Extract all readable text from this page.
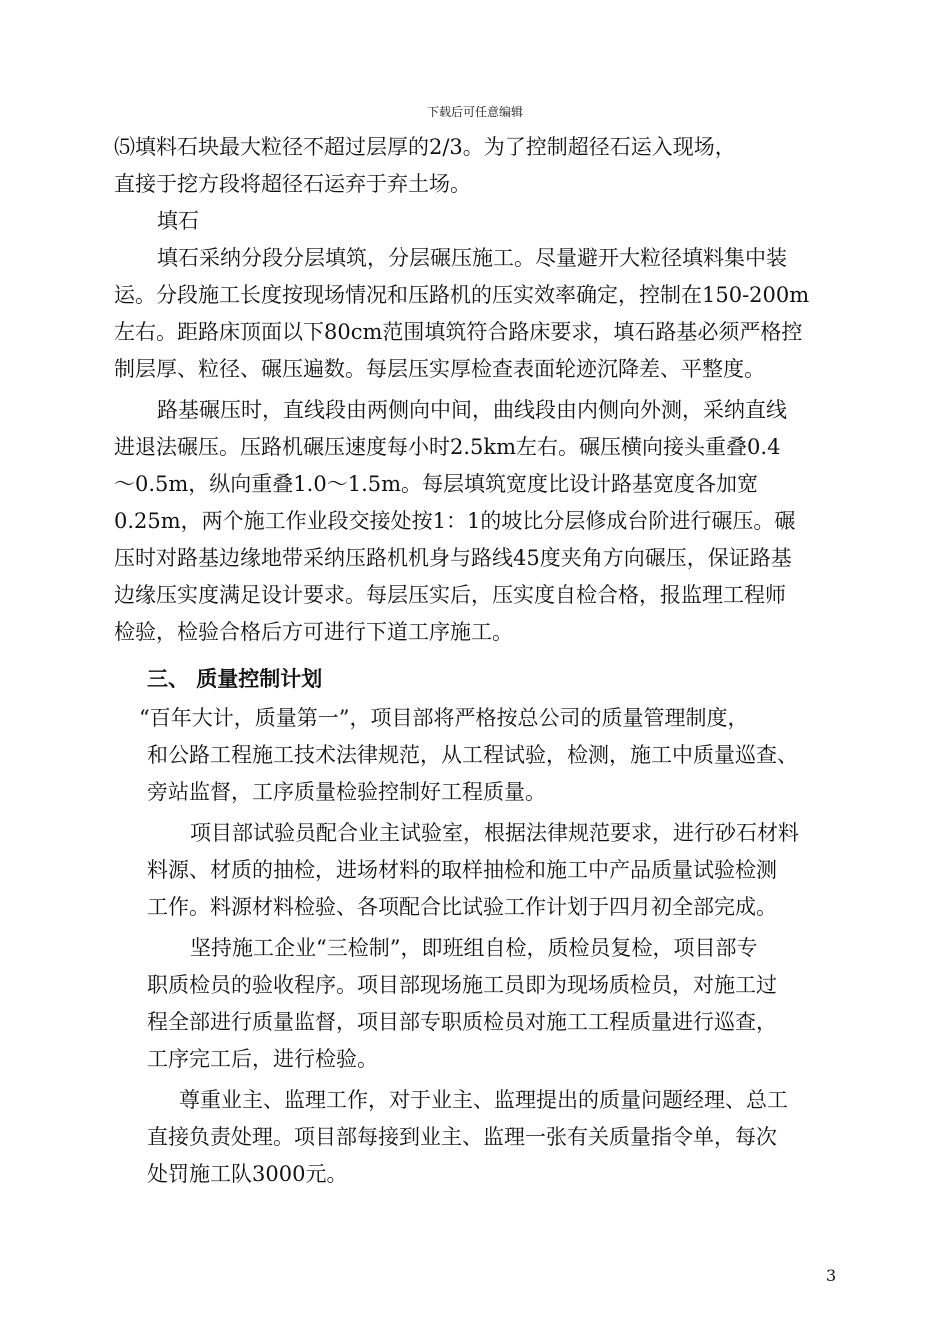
下载后可任意编辑
⑸填料石块最大粒径不超过层厚的2/3。为了控制超径石运入现场，
直接于挖方段将超径石运弃于弃土场。
填石
填石采纳分段分层填筑，分层碾压施工。尽量避开大粒径填料集中装
运。分段施工长度按现场情况和压路机的压实效率确定，控制在150-200m
左右。距路床顶面以下80cm范围填筑符合路床要求，填石路基必须严格控
制层厚、粒径、碾压遍数。每层压实厚检查表面轮迹沉降差、平整度。
路基碾压时，直线段由两侧向中间，曲线段由内侧向外测，采纳直线
进退法碾压。压路机碾压速度每小时2.5km左右。碾压横向接头重叠0.4
～0.5m，纵向重叠1.0～1.5m。每层填筑宽度比设计路基宽度各加宽
0.25m，两个施工作业段交接处按1：1的坡比分层修成台阶进行碾压。碾
压时对路基边缘地带采纳压路机机身与路线45度夹角方向碾压，保证路基
边缘压实度满足设计要求。每层压实后，压实度自检合格，报监理工程师
检验，检验合格后方可进行下道工序施工。
三、 质量控制计划
“百年大计，质量第一”，项目部将严格按总公司的质量管理制度，
和公路工程施工技术法律规范，从工程试验，检测，施工中质量巡查、
旁站监督，工序质量检验控制好工程质量。
项目部试验员配合业主试验室，根据法律规范要求，进行砂石材料
料源、材质的抽检，进场材料的取样抽检和施工中产品质量试验检测
工作。料源材料检验、各项配合比试验工作计划于四月初全部完成。
坚持施工企业“三检制”，即班组自检，质检员复检，项目部专
职质检员的验收程序。项目部现场施工员即为现场质检员，对施工过
程全部进行质量监督，项目部专职质检员对施工工程质量进行巡查，
工序完工后，进行检验。
尊重业主、监理工作，对于业主、监理提出的质量问题经理、总工
直接负责处理。项目部每接到业主、监理一张有关质量指令单，每次
处罚施工队3000元。
3
